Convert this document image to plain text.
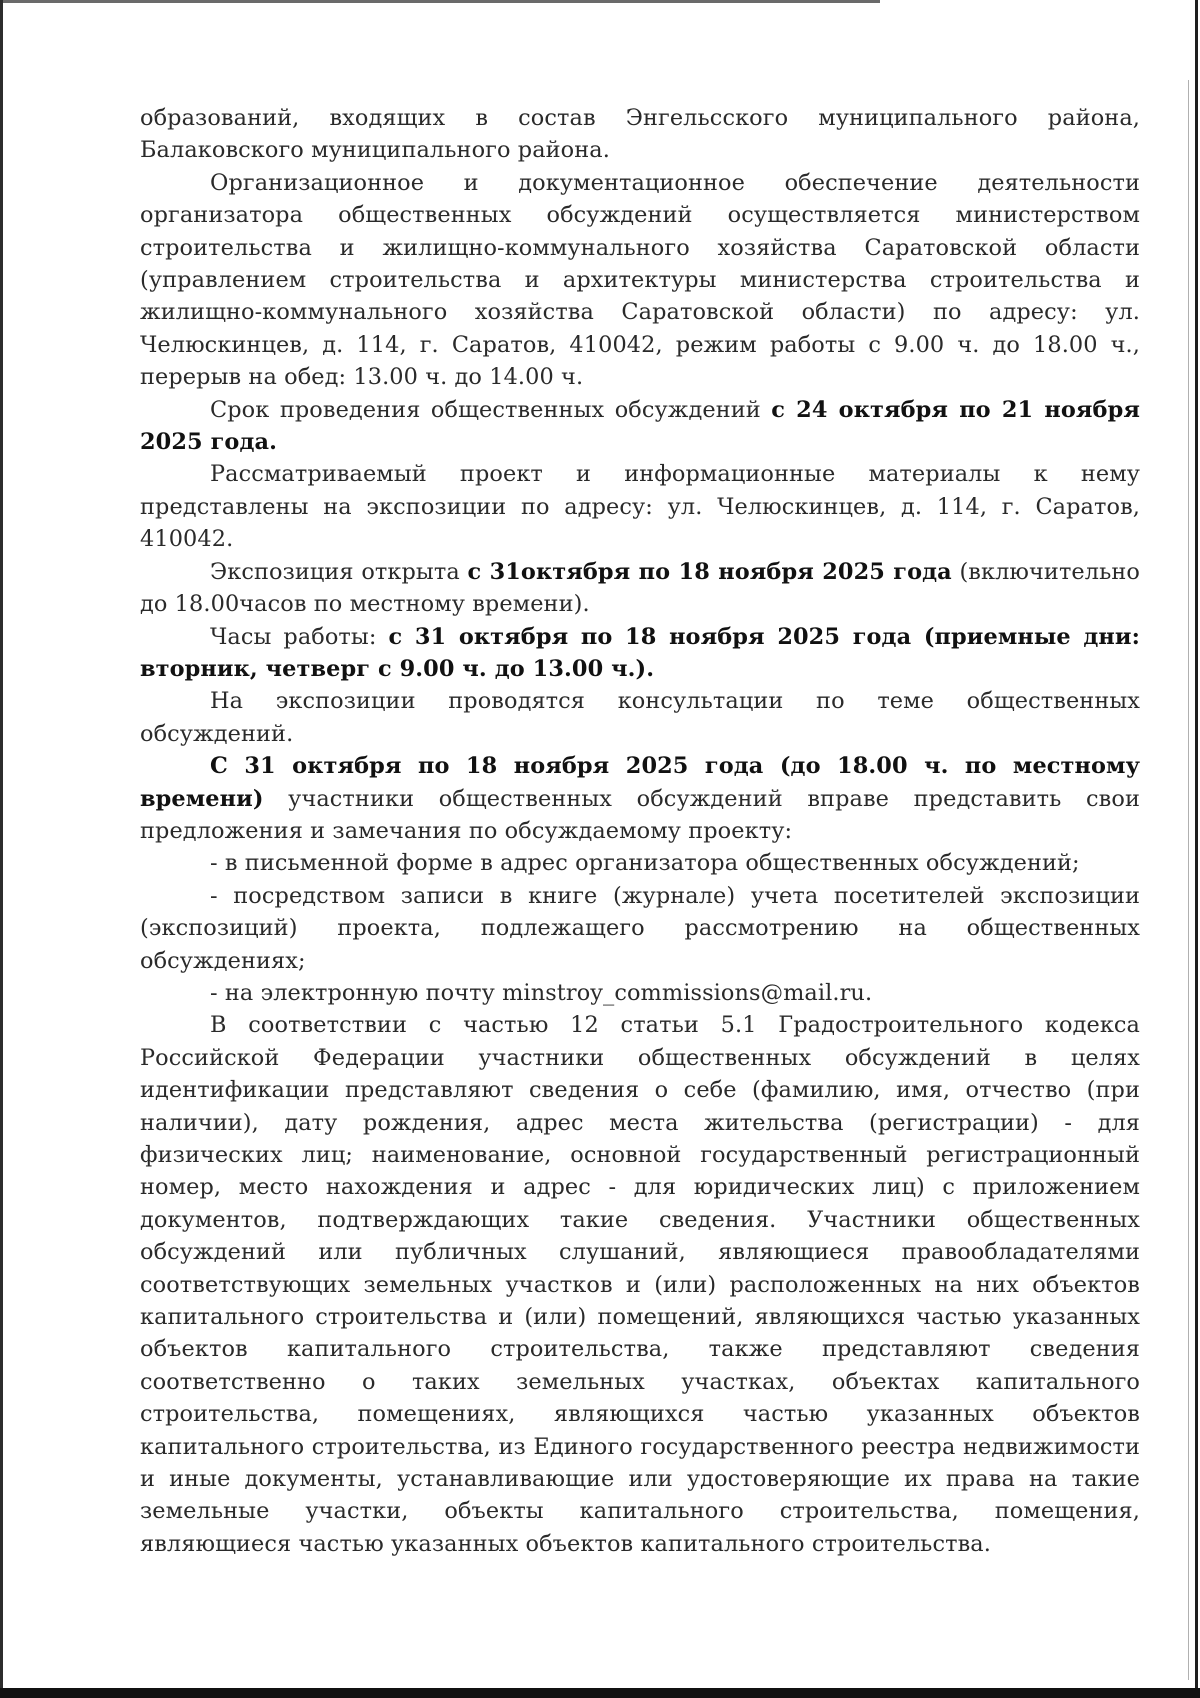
образований, входящих в состав Энгельсского муниципального района, Балаковского муниципального района.

Организационное и документационное обеспечение деятельности организатора общественных обсуждений осуществляется министерством строительства и жилищно-коммунального хозяйства Саратовской области (управлением строительства и архитектуры министерства строительства и жилищно-коммунального хозяйства Саратовской области) по адресу: ул. Челюскинцев, д. 114, г. Саратов, 410042, режим работы с 9.00 ч. до 18.00 ч., перерыв на обед: 13.00 ч. до 14.00 ч.

Срок проведения общественных обсуждений с 24 октября по 21 ноября 2025 года.

Рассматриваемый проект и информационные материалы к нему представлены на экспозиции по адресу: ул. Челюскинцев, д. 114, г. Саратов, 410042.

Экспозиция открыта с 31октября по 18 ноября 2025 года (включительно до 18.00часов по местному времени).

Часы работы: с 31 октября по 18 ноября 2025 года (приемные дни: вторник, четверг с 9.00 ч. до 13.00 ч.).

На экспозиции проводятся консультации по теме общественных обсуждений.

С 31 октября по 18 ноября 2025 года (до 18.00 ч. по местному времени) участники общественных обсуждений вправе представить свои предложения и замечания по обсуждаемому проекту:

- в письменной форме в адрес организатора общественных обсуждений;

- посредством записи в книге (журнале) учета посетителей экспозиции (экспозиций) проекта, подлежащего рассмотрению на общественных обсуждениях;

- на электронную почту minstroy_commissions@mail.ru.

В соответствии с частью 12 статьи 5.1 Градостроительного кодекса Российской Федерации участники общественных обсуждений в целях идентификации представляют сведения о себе (фамилию, имя, отчество (при наличии), дату рождения, адрес места жительства (регистрации) - для физических лиц; наименование, основной государственный регистрационный номер, место нахождения и адрес - для юридических лиц) с приложением документов, подтверждающих такие сведения. Участники общественных обсуждений или публичных слушаний, являющиеся правообладателями соответствующих земельных участков и (или) расположенных на них объектов капитального строительства и (или) помещений, являющихся частью указанных объектов капитального строительства, также представляют сведения соответственно о таких земельных участках, объектах капитального строительства, помещениях, являющихся частью указанных объектов капитального строительства, из Единого государственного реестра недвижимости и иные документы, устанавливающие или удостоверяющие их права на такие земельные участки, объекты капитального строительства, помещения, являющиеся частью указанных объектов капитального строительства.
